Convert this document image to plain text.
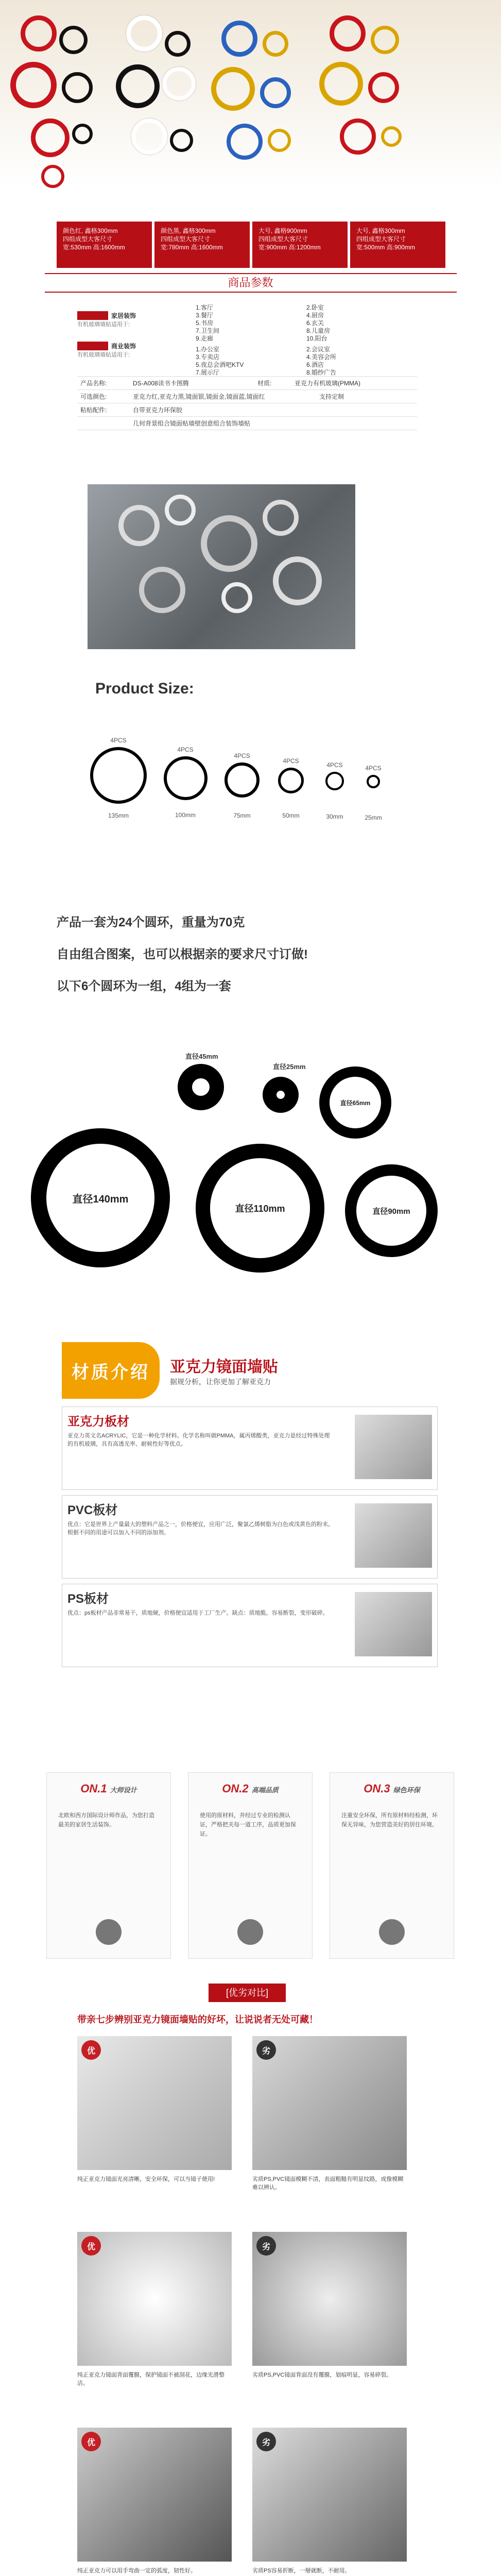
颜色红, 鑫格300mm
四组成型大客尺寸
宽:530mm 高:1600mm
颜色黑, 鑫格300mm
四组成型大客尺寸
宽:780mm 高:1600mm
大号, 鑫格900mm
四组成型大客尺寸
宽:900mm 高:1200mm
大号, 鑫格300mm
四组成型大客尺寸
宽:500mm 高:900mm
商品参数
家居装饰
有机玻璃墙贴适用于:
商业装饰
有机玻璃墙贴适用于:
1.客厅
3.餐厅
5.书房
7.卫生间
9.走廊
2.卧室
4.厨房
6.玄关
8.儿童房
10.阳台
1.办公室
3.专卖店
5.夜总会酒吧KTV
7.展示厅
2.会议室
4.美容会所
6.酒店
8.婚纱广告
产品名称:	DS-A008读书卡图腾	材质:	亚克力有机玻璃(PMMA)
可选颜色:	亚克力红,亚克力黑,镜面银,镜面金,镜面蓝,镜面红	支持定制
粘贴配件:	自带亚克力环保胶
几何背景组合镜面贴墙壁创意组合装饰墙贴
Product Size:
4PCS
135mm
4PCS
100mm
4PCS
75mm
4PCS
50mm
4PCS
30mm
4PCS
25mm
产品一套为24个圆环，重量为70克
自由组合图案，也可以根据亲的要求尺寸订做!
以下6个圆环为一组，4组为一套
直径45mm
直径25mm
直径65mm
直径140mm
直径110mm	直径90mm
材质介绍	亚克力镜面墙贴
据规分析，让你更加了解亚克力
亚克力板材

亚克力英文名ACRYLIC，它是一种化学材料。化学名称叫做PMMA，属丙烯酸类，亚克力是经过特殊处理的有机玻璃，具有高透光率、耐候性好等优点。

PVC板材

优点：它是世界上产量最大的塑料产品之一，价格便宜，应用广泛，聚氯乙烯树脂为白色或浅黄色的粉末。根据不同的用途可以加入不同的添加剂。

PS板材

优点：ps板材产品非常易干，质地硬，价格便宜适用于工厂生产。缺点：质地脆，容易断裂，变形破碎。

ON.1 大师设计

北欧和西方国际设计师作品，为您打造最美的家居生活装饰。

ON.2 高端品质

使用的原材料，并经过专业的检测认证，严格把关每一道工序，品质更加保证。

ON.3 绿色环保

注重安全环保，所有原材料经检测，环保无异味，为您营造美好的居住环境。

[优劣对比]
带亲七步辨别亚克力镜面墙贴的好坏，让说说者无处可藏！
优	劣
纯正亚克力镜面光亮清晰，安全环保，可以当镜子使用!	劣质PS,PVC镜面模糊不清，表面粗糙有明显纹路，成像模糊难以辨认。
优	劣
纯正亚克力镜面背面覆膜，保护镜面不被刮花，边缘光滑整洁。
劣质PS,PVC镜面背面没有覆膜，划痕明显，容易碎裂。
优	劣
纯正亚克力可以用手弯曲一定的弧度，韧性好。	劣质PS容易折断，一掰就断，不耐用。
